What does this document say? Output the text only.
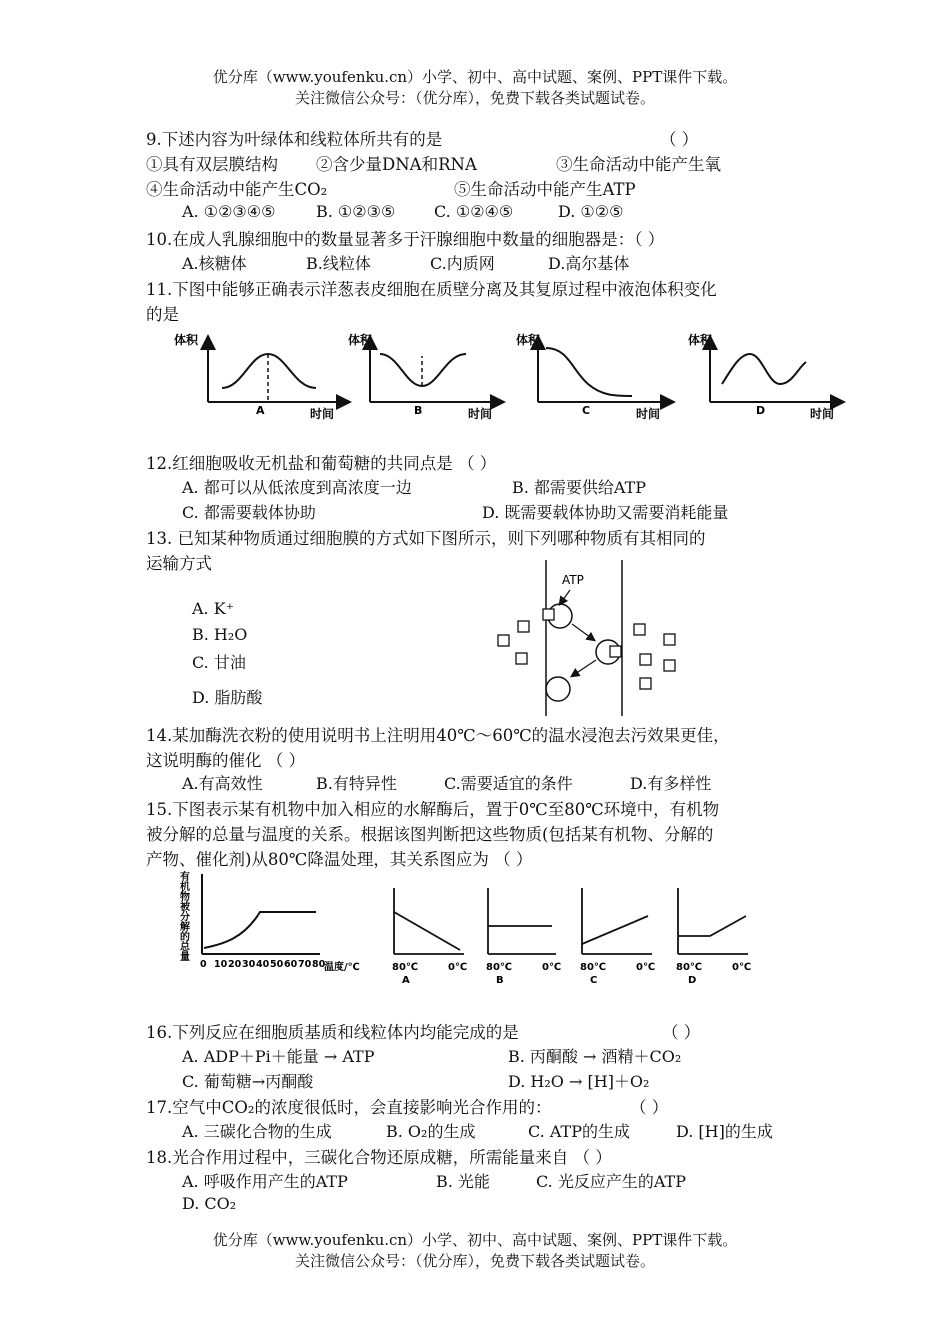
优分库（www.youfenku.cn）小学、初中、高中试题、案例、PPT课件下载。
关注微信公众号：（优分库），免费下载各类试题试卷。
9.下述内容为叶绿体和线粒体所共有的是	（ ）
①具有双层膜结构 ②含少量DNA和RNA	③生命活动中能产生氧
④生命活动中能产生CO₂	⑤生命活动中能产生ATP
A. ①②③④⑤	B. ①②③⑤ C. ①②④⑤	D. ①②⑤
10.在成人乳腺细胞中的数量显著多于汗腺细胞中数量的细胞器是：（ ）
A.核糖体	B.线粒体	C.内质网	D.高尔基体
11.下图中能够正确表示洋葱表皮细胞在质壁分离及其复原过程中液泡体积变化
的是
体积
A	时间
体积
B	时间
体积
C	时间
体积
D	时间
12.红细胞吸收无机盐和葡萄糖的共同点是 （ ）
A. 都可以从低浓度到高浓度一边	B. 都需要供给ATP
C. 都需要载体协助	D. 既需要载体协助又需要消耗能量
13. 已知某种物质通过细胞膜的方式如下图所示，则下列哪种物质有其相同的
运输方式
A. K⁺
B. H₂O
C. 甘油
D. 脂肪酸
ATP
14.某加酶洗衣粉的使用说明书上注明用40℃～60℃的温水浸泡去污效果更佳，
这说明酶的催化 （ ）
A.有高效性	B.有特异性	C.需要适宜的条件	D.有多样性
15.下图表示某有机物中加入相应的水解酶后，置于0℃至80℃环境中，有机物
被分解的总量与温度的关系。根据该图判断把这些物质(包括某有机物、分解的
产物、催化剂)从80℃降温处理，其关系图应为 （ ）
有
机
物
被
分
解
的
总
量
0 10 20 30 40 50 60 70 80
温度/℃	80℃	0℃
A
80℃	0℃
B
80℃	0℃
C
80℃	0℃
D
16.下列反应在细胞质基质和线粒体内均能完成的是	（ ）
A. ADP＋Pi＋能量 → ATP	B. 丙酮酸 → 酒精＋CO₂
C. 葡萄糖→丙酮酸	D. H₂O → [H]＋O₂
17.空气中CO₂的浓度很低时，会直接影响光合作用的：	（ ）
A. 三碳化合物的生成	B. O₂的生成	C. ATP的生成	D. [H]的生成
18.光合作用过程中，三碳化合物还原成糖，所需能量来自 （ ）
A. 呼吸作用产生的ATP	B. 光能	C. 光反应产生的ATP
D. CO₂
优分库（www.youfenku.cn）小学、初中、高中试题、案例、PPT课件下载。
关注微信公众号：（优分库），免费下载各类试题试卷。
